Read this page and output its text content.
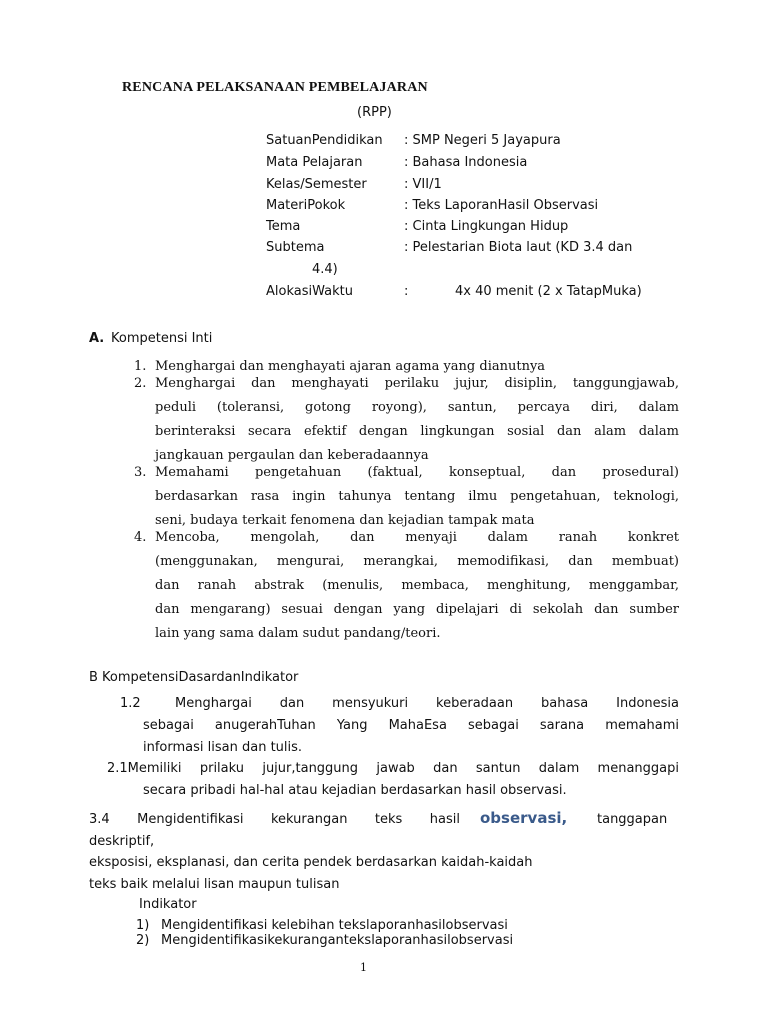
RENCANA PELAKSANAAN PEMBELAJARAN
(RPP)
SatuanPendidikan : SMP Negeri 5 Jayapura
Mata Pelajaran	: Bahasa Indonesia
Kelas/Semester	: VII/1
MateriPokok	: Teks LaporanHasil Observasi
Tema	: Cinta Lingkungan Hidup
Subtema	: Pelestarian Biota laut (KD 3.4 dan
4.4)
AlokasiWaktu	:	4x 40 menit (2 x TatapMuka)
A. Kompetensi Inti
1. Menghargai dan menghayati ajaran agama yang dianutnya
2. Menghargai dan menghayati perilaku jujur, disiplin, tanggungjawab,
peduli (toleransi, gotong royong), santun, percaya diri, dalam
berinteraksi secara efektif dengan lingkungan sosial dan alam dalam
jangkauan pergaulan dan keberadaannya
3. Memahami pengetahuan (faktual, konseptual, dan prosedural)
berdasarkan rasa ingin tahunya tentang ilmu pengetahuan, teknologi,
seni, budaya terkait fenomena dan kejadian tampak mata
4. Mencoba, mengolah, dan menyaji dalam ranah konkret
(menggunakan, mengurai, merangkai, memodifikasi, dan membuat)
dan ranah abstrak (menulis, membaca, menghitung, menggambar,
dan mengarang) sesuai dengan yang dipelajari di sekolah dan sumber
lain yang sama dalam sudut pandang/teori.
B KompetensiDasardanIndikator
1.2	Menghargai dan mensyukuri keberadaan bahasa Indonesia
sebagai anugerahTuhan Yang MahaEsa sebagai sarana memahami
informasi lisan dan tulis.
2.1Memiliki prilaku jujur,tanggung jawab dan santun dalam menanggapi
secara pribadi hal-hal atau kejadian berdasarkan hasil observasi.
3.4 Mengidentifikasi kekurangan teks hasil observasi, tanggapan
deskriptif,
eksposisi, eksplanasi, dan cerita pendek berdasarkan kaidah-kaidah
teks baik melalui lisan maupun tulisan
Indikator
1) Mengidentifikasi kelebihan tekslaporanhasilobservasi
2) Mengidentifikasikekurangantekslaporanhasilobservasi
1
